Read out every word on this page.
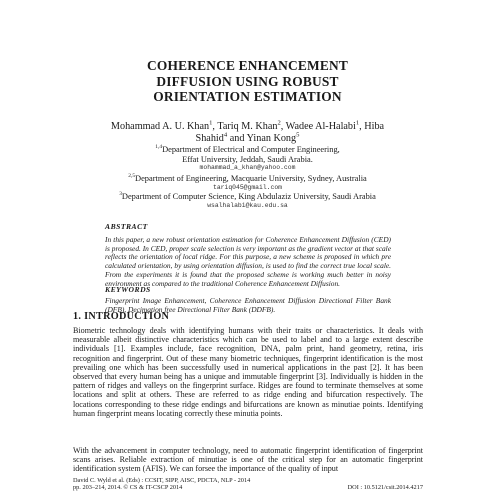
COHERENCE ENHANCEMENT
DIFFUSION USING ROBUST
ORIENTATION ESTIMATION
Mohammad A. U. Khan$^1$, Tariq M. Khan$^2$, Wadee Al-Halabi$^1$, Hiba
Shahid$^4$ and Yinan Kong$^5$
$^{1,4}$Department of Electrical and Computer Engineering,
Effat University, Jeddah, Saudi Arabia.
mohammad_a_khan@yahoo.com
$^{2,5}$Department of Engineering, Macquarie University, Sydney, Australia
tariq045@gmail.com
$^3$Department of Computer Science, King Abdulaziz University, Saudi Arabia
wsalhalabi@kau.edu.sa
ABSTRACT
In this paper, a new robust orientation estimation for Coherence Enhancement Diffusion (CED) is proposed. In CED, proper scale selection is very important as the gradient vector at that scale reflects the orientation of local ridge. For this purpose, a new scheme is proposed in which pre calculated orientation, by using orientation diffusion, is used to find the correct true local scale. From the experiments it is found that the proposed scheme is working much better in noisy environment as compared to the traditional Coherence Enhancement Diffusion.
KEYWORDS
Fingerprint Image Enhancement, Coherence Enhancement Diffusion Directional Filter Bank (DFB), Decimation free Directional Filter Bank (DDFB).
1. INTRODUCTION
Biometric technology deals with identifying humans with their traits or characteristics. It deals with measurable albeit distinctive characteristics which can be used to label and to a large extent describe individuals [1]. Examples include, face recognition, DNA, palm print, hand geometry, retina, iris recognition and fingerprint. Out of these many biometric techniques, fingerprint identification is the most prevailing one which has been successfully used in numerical applications in the past [2]. It has been observed that every human being has a unique and immutable fingerprint [3]. Individually is hidden in the pattern of ridges and valleys on the fingerprint surface. Ridges are found to terminate themselves at some locations and split at others. These are referred to as ridge ending and bifurcation respectively. The locations corresponding to these ridge endings and bifurcations are known as minutiae points. Identifying human fingerprint means locating correctly these minutia points.
With the advancement in computer technology, need to automatic fingerprint identification of fingerprint scans arises. Reliable extraction of minutiae is one of the critical step for an automatic fingerprint identification system (AFIS). We can forsee the importance of the quality of input
David C. Wyld et al. (Eds) : CCSIT, SIPP, AISC, PDCTA, NLP - 2014
pp. 203–214, 2014. © CS & IT-CSCP 2014	DOI : 10.5121/csit.2014.4217
